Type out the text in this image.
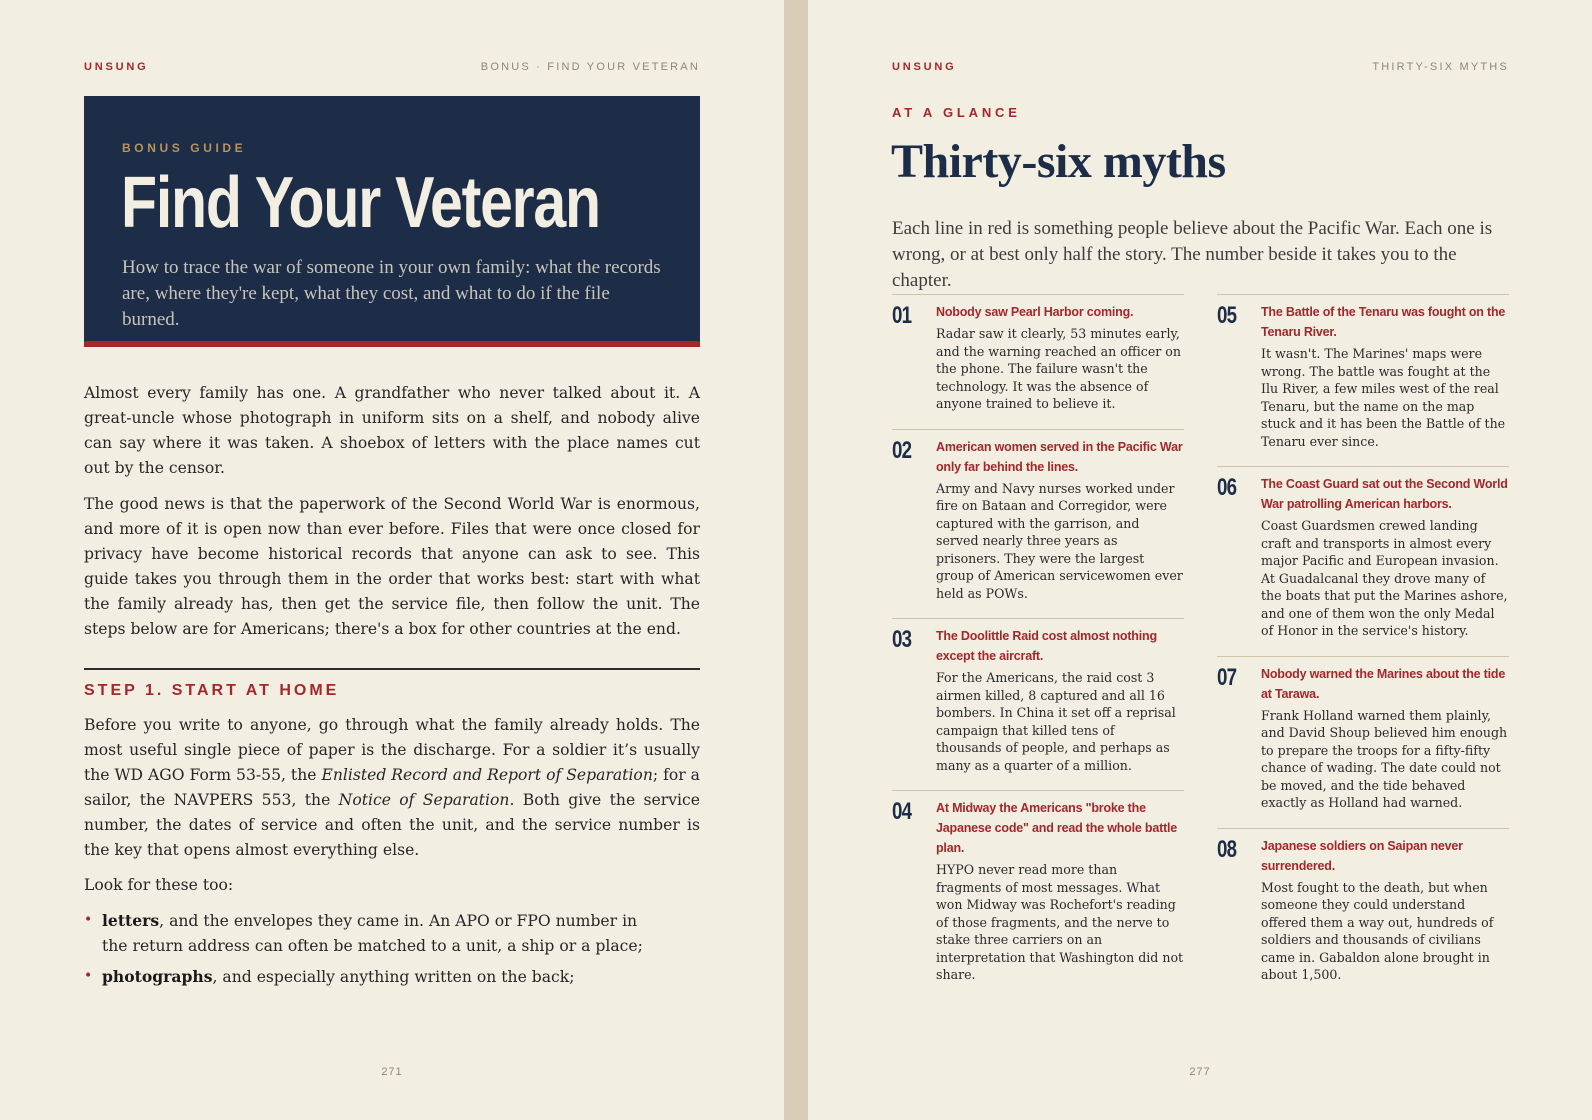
UNSUNG	BONUS · FIND YOUR VETERAN
BONUS GUIDE
Find Your Veteran
How to trace the war of someone in your own family: what the records are, where they're kept, what they cost, and what to do if the file burned.

Almost every family has one. A grandfather who never talked about it. A great-uncle whose photograph in uniform sits on a shelf, and nobody alive can say where it was taken. A shoebox of letters with the place names cut out by the censor.

The good news is that the paperwork of the Second World War is enormous, and more of it is open now than ever before. Files that were once closed for privacy have become historical records that anyone can ask to see. This guide takes you through them in the order that works best: start with what the family already has, then get the service file, then follow the unit. The steps below are for Americans; there's a box for other countries at the end.

STEP 1. START AT HOME

Before you write to anyone, go through what the family already holds. The most useful single piece of paper is the discharge. For a soldier it’s usually the WD AGO Form 53-55, the Enlisted Record and Report of Separation; for a sailor, the NAVPERS 553, the Notice of Separation. Both give the service number, the dates of service and often the unit, and the service number is the key that opens almost everything else.

Look for these too:

• letters, and the envelopes they came in. An APO or FPO number in the return address can often be matched to a unit, a ship or a place;
• photographs, and especially anything written on the back;
271
UNSUNG	THIRTY-SIX MYTHS
AT A GLANCE
Thirty-six myths

Each line in red is something people believe about the Pacific War. Each one is wrong, or at best only half the story. The number beside it takes you to the chapter.

01 Nobody saw Pearl Harbor coming.
Radar saw it clearly, 53 minutes early, and the warning reached an officer on the phone. The failure wasn't the technology. It was the absence of anyone trained to believe it.
02 American women served in the Pacific War only far behind the lines.
Army and Navy nurses worked under fire on Bataan and Corregidor, were captured with the garrison, and served nearly three years as prisoners. They were the largest group of American servicewomen ever held as POWs.
03 The Doolittle Raid cost almost nothing except the aircraft.
For the Americans, the raid cost 3 airmen killed, 8 captured and all 16 bombers. In China it set off a reprisal campaign that killed tens of thousands of people, and perhaps as many as a quarter of a million.
04 At Midway the Americans "broke the Japanese code" and read the whole battle plan.
HYPO never read more than fragments of most messages. What won Midway was Rochefort's reading of those fragments, and the nerve to stake three carriers on an interpretation that Washington did not share.
05 The Battle of the Tenaru was fought on the Tenaru River.
It wasn't. The Marines' maps were wrong. The battle was fought at the Ilu River, a few miles west of the real Tenaru, but the name on the map stuck and it has been the Battle of the Tenaru ever since.
06 The Coast Guard sat out the Second World War patrolling American harbors.
Coast Guardsmen crewed landing craft and transports in almost every major Pacific and European invasion. At Guadalcanal they drove many of the boats that put the Marines ashore, and one of them won the only Medal of Honor in the service's history.
07 Nobody warned the Marines about the tide at Tarawa.
Frank Holland warned them plainly, and David Shoup believed him enough to prepare the troops for a fifty-fifty chance of wading. The date could not be moved, and the tide behaved exactly as Holland had warned.
08 Japanese soldiers on Saipan never surrendered.
Most fought to the death, but when someone they could understand offered them a way out, hundreds of soldiers and thousands of civilians came in. Gabaldon alone brought in about 1,500.
277
